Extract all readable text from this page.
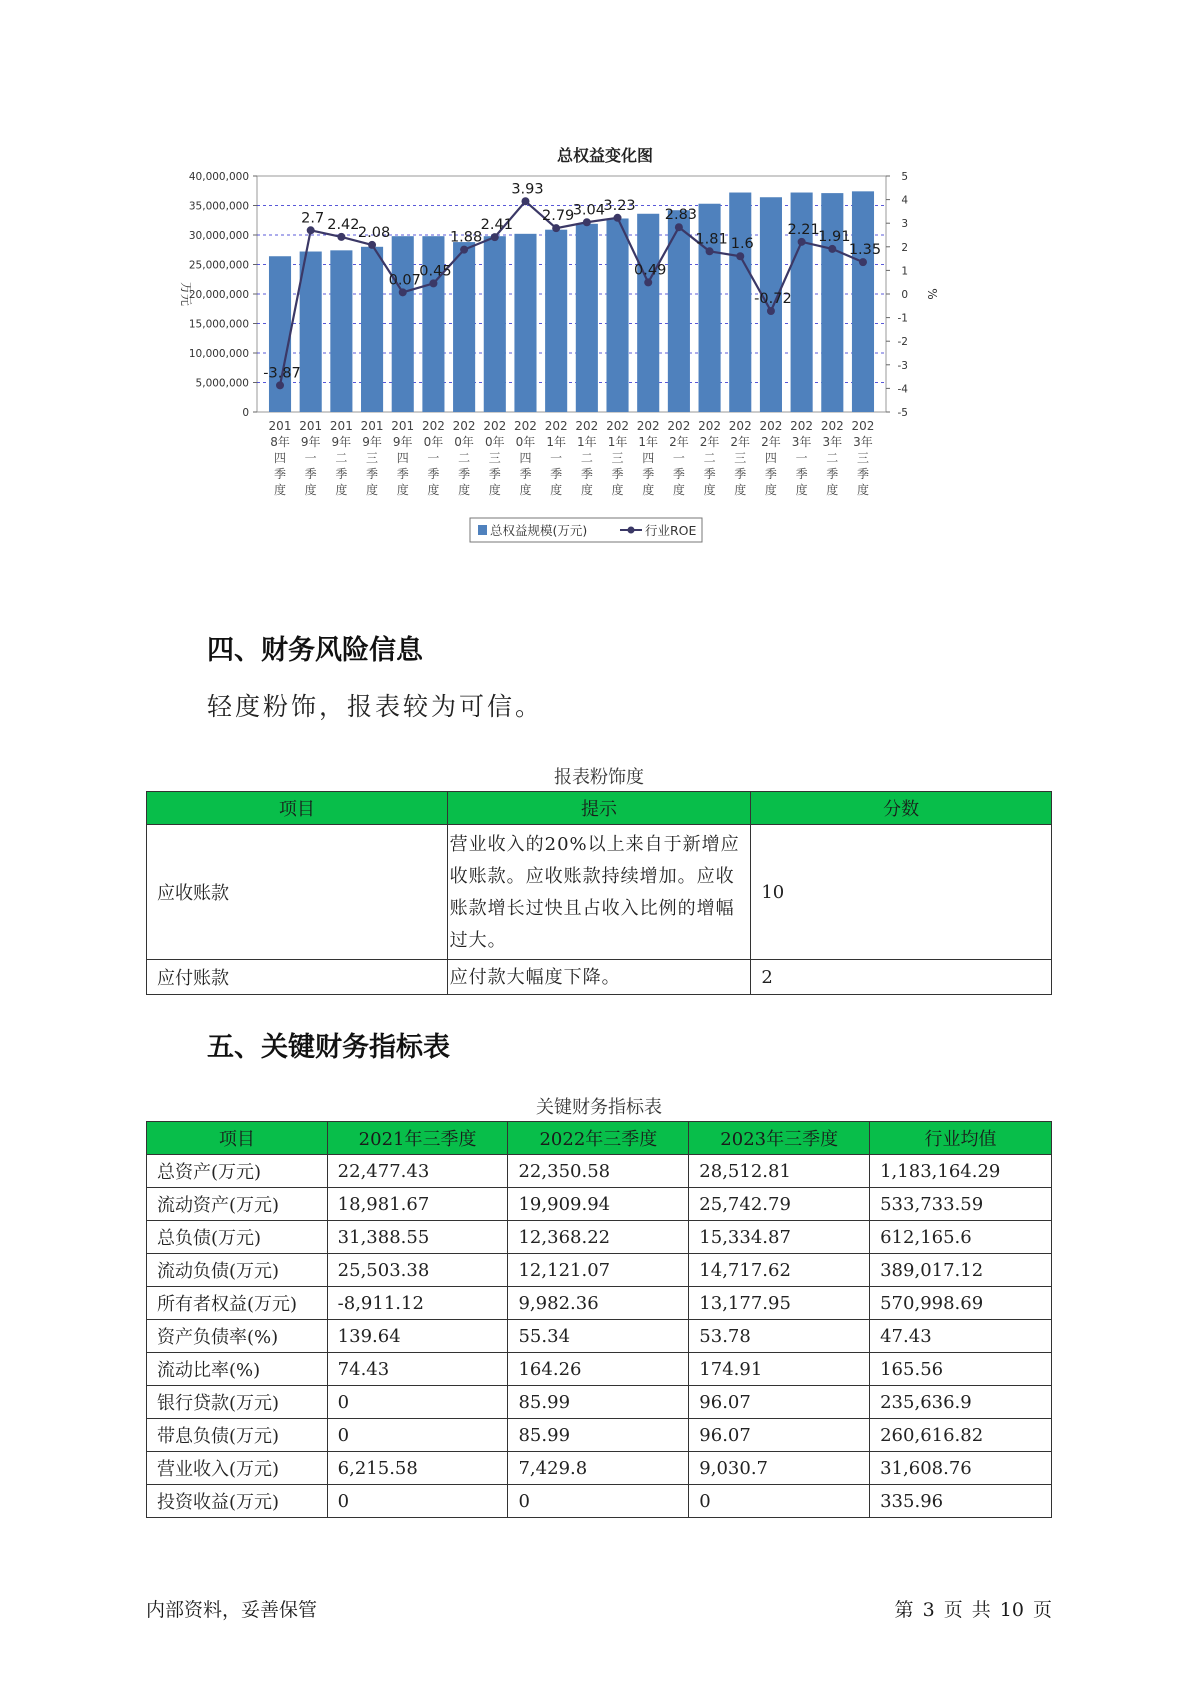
总权益变化图
0
5,000,000
10,000,000
15,000,000
20,000,000
25,000,000
30,000,000
35,000,000
40,000,000
-5
-4
-3
-2
-1
0
1
2
3
4
5
万元	%
-3.87
2.7 2.42
2.08
0.07
0.45
1.88
2.41
3.93
2.79
3.04
3.23
0.49
2.83
1.81 1.6
-0.72
2.21
1.91
1.35
201
8年
四
季
度
201
9年
一
季
度
201
9年
二
季
度
201
9年
三
季
度
201
9年
四
季
度
202
0年
一
季
度
202
0年
二
季
度
202
0年
三
季
度
202
0年
四
季
度
202
1年
一
季
度
202
1年
二
季
度
202
1年
三
季
度
202
1年
四
季
度
202
2年
一
季
度
202
2年
二
季
度
202
2年
三
季
度
202
2年
四
季
度
202
3年
一
季
度
202
3年
二
季
度
202
3年
三
季
度
总权益规模(万元)	行业ROE
四、财务风险信息

轻度粉饰，报表较为可信。

报表粉饰度
项目	提示	分数
应收账款	营业收入的20%以上来自于新增应收账款。应收账款持续增加。应收账款增长过快且占收入比例的增幅过大。	10
应付账款	应付款大幅度下降。	2
五、关键财务指标表
关键财务指标表
项目	2021年三季度	2022年三季度	2023年三季度	行业均值
总资产(万元)	22,477.43	22,350.58	28,512.81	1,183,164.29
流动资产(万元)	18,981.67	19,909.94	25,742.79	533,733.59
总负债(万元)	31,388.55	12,368.22	15,334.87	612,165.6
流动负债(万元)	25,503.38	12,121.07	14,717.62	389,017.12
所有者权益(万元)	-8,911.12	9,982.36	13,177.95	570,998.69
资产负债率(%)	139.64	55.34	53.78	47.43
流动比率(%)	74.43	164.26	174.91	165.56
银行贷款(万元)	0	85.99	96.07	235,636.9
带息负债(万元)	0	85.99	96.07	260,616.82
营业收入(万元)	6,215.58	7,429.8	9,030.7	31,608.76
投资收益(万元)	0	0	0	335.96
内部资料，妥善保管	第 3 页 共 10 页
